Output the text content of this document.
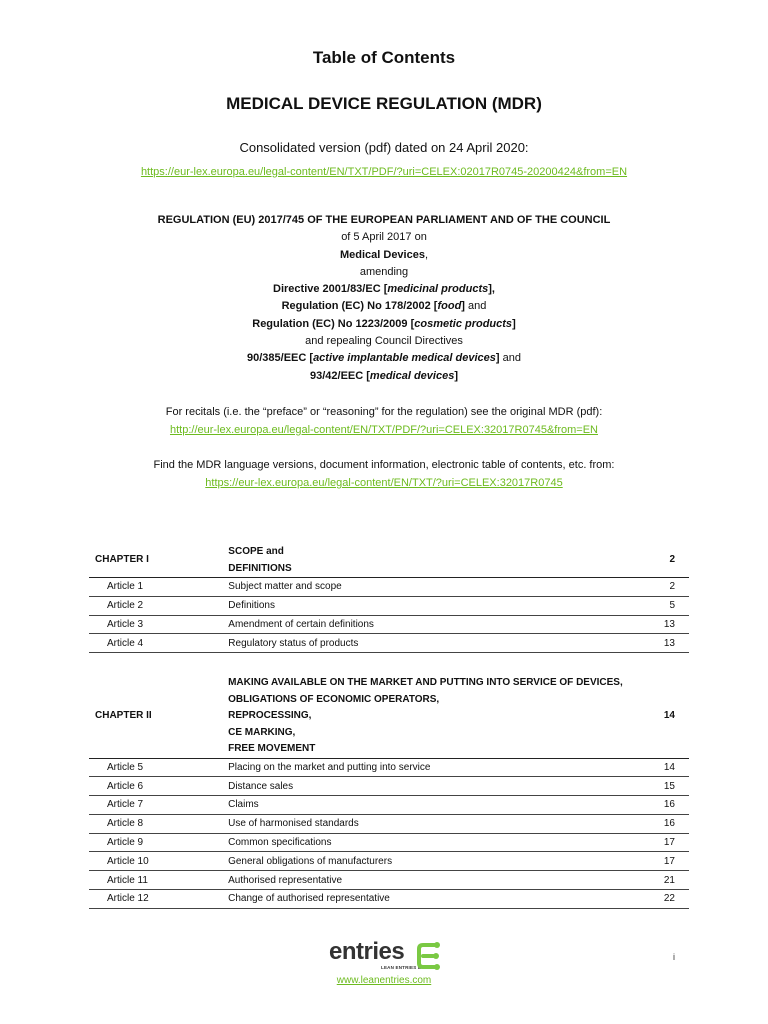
Table of Contents
MEDICAL DEVICE REGULATION (MDR)
Consolidated version (pdf) dated on 24 April 2020:
https://eur-lex.europa.eu/legal-content/EN/TXT/PDF/?uri=CELEX:02017R0745-20200424&from=EN
REGULATION (EU) 2017/745 OF THE EUROPEAN PARLIAMENT AND OF THE COUNCIL
of 5 April 2017 on
Medical Devices,
amending
Directive 2001/83/EC [medicinal products],
Regulation (EC) No 178/2002 [food] and
Regulation (EC) No 1223/2009 [cosmetic products]
and repealing Council Directives
90/385/EEC [active implantable medical devices] and
93/42/EEC [medical devices]
For recitals (i.e. the “preface” or “reasoning” for the regulation) see the original MDR (pdf):
http://eur-lex.europa.eu/legal-content/EN/TXT/PDF/?uri=CELEX:32017R0745&from=EN
Find the MDR language versions, document information, electronic table of contents, etc. from:
https://eur-lex.europa.eu/legal-content/EN/TXT/?uri=CELEX:32017R0745
CHAPTER I	SCOPE and
DEFINITIONS	2
Article 1	Subject matter and scope	2
Article 2	Definitions	5
Article 3	Amendment of certain definitions	13
Article 4	Regulatory status of products	13
CHAPTER II	MAKING AVAILABLE ON THE MARKET AND PUTTING INTO SERVICE OF DEVICES,
OBLIGATIONS OF ECONOMIC OPERATORS,
REPROCESSING,
CE MARKING,
FREE MOVEMENT	14
Article 5	Placing on the market and putting into service	14
Article 6	Distance sales	15
Article 7	Claims	16
Article 8	Use of harmonised standards	16
Article 9	Common specifications	17
Article 10	General obligations of manufacturers	17
Article 11	Authorised representative	21
Article 12	Change of authorised representative	22
entries
LEAN ENTRIES LTD
i
www.leanentries.com
